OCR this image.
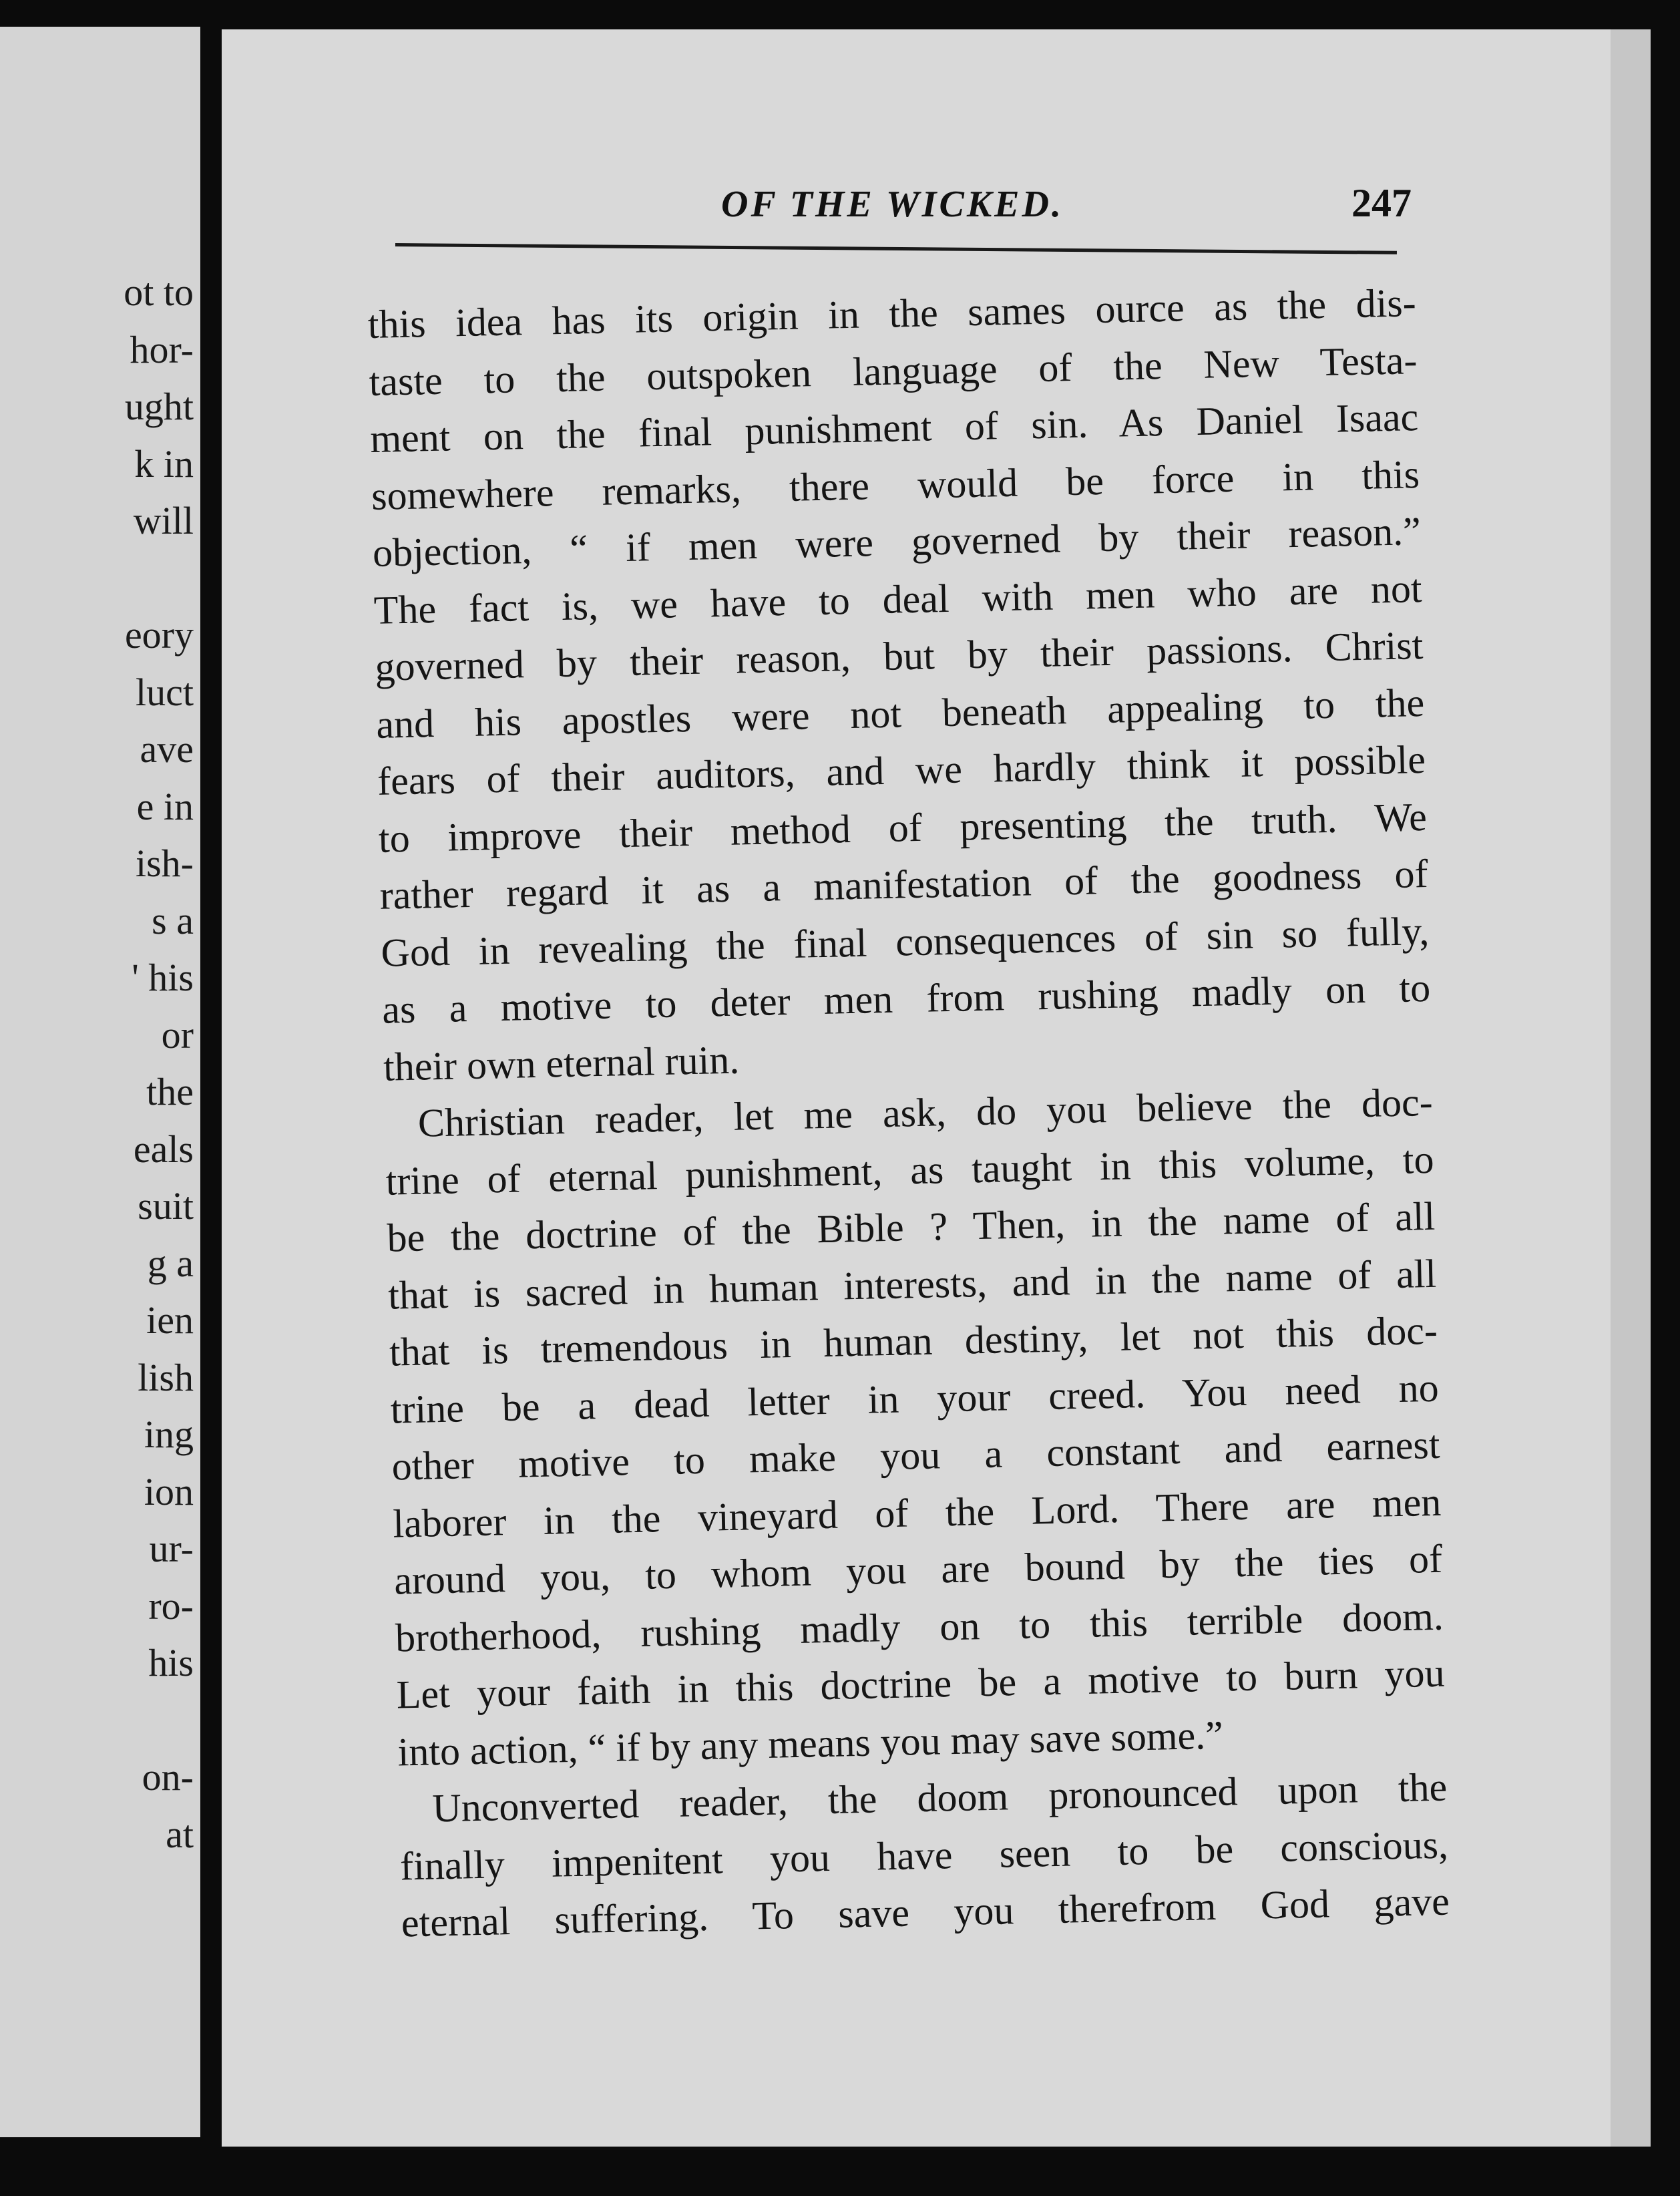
ot to
hor-
ught
k in
will
eory
luct
ave
e in
ish-
s a
' his
or
the
eals
suit
g a
ien
lish
ing
ion
ur-
ro-
his
on-
at
OF THE WICKED.	247
this idea has its origin in the sames ource as the dis-
taste to the outspoken language of the New Testa-
ment on the final punishment of sin. As Daniel Isaac
somewhere remarks, there would be force in this
objection, “ if men were governed by their reason.”
The fact is, we have to deal with men who are not
governed by their reason, but by their passions. Christ
and his apostles were not beneath appealing to the
fears of their auditors, and we hardly think it possible
to improve their method of presenting the truth. We
rather regard it as a manifestation of the goodness of
God in revealing the final consequences of sin so fully,
as a motive to deter men from rushing madly on to
their own eternal ruin.
Christian reader, let me ask, do you believe the doc-
trine of eternal punishment, as taught in this volume, to
be the doctrine of the Bible ? Then, in the name of all
that is sacred in human interests, and in the name of all
that is tremendous in human destiny, let not this doc-
trine be a dead letter in your creed. You need no
other motive to make you a constant and earnest
laborer in the vineyard of the Lord. There are men
around you, to whom you are bound by the ties of
brotherhood, rushing madly on to this terrible doom.
Let your faith in this doctrine be a motive to burn you
into action, “ if by any means you may save some.”
Unconverted reader, the doom pronounced upon the
finally impenitent you have seen to be conscious,
eternal suffering. To save you therefrom God gave
